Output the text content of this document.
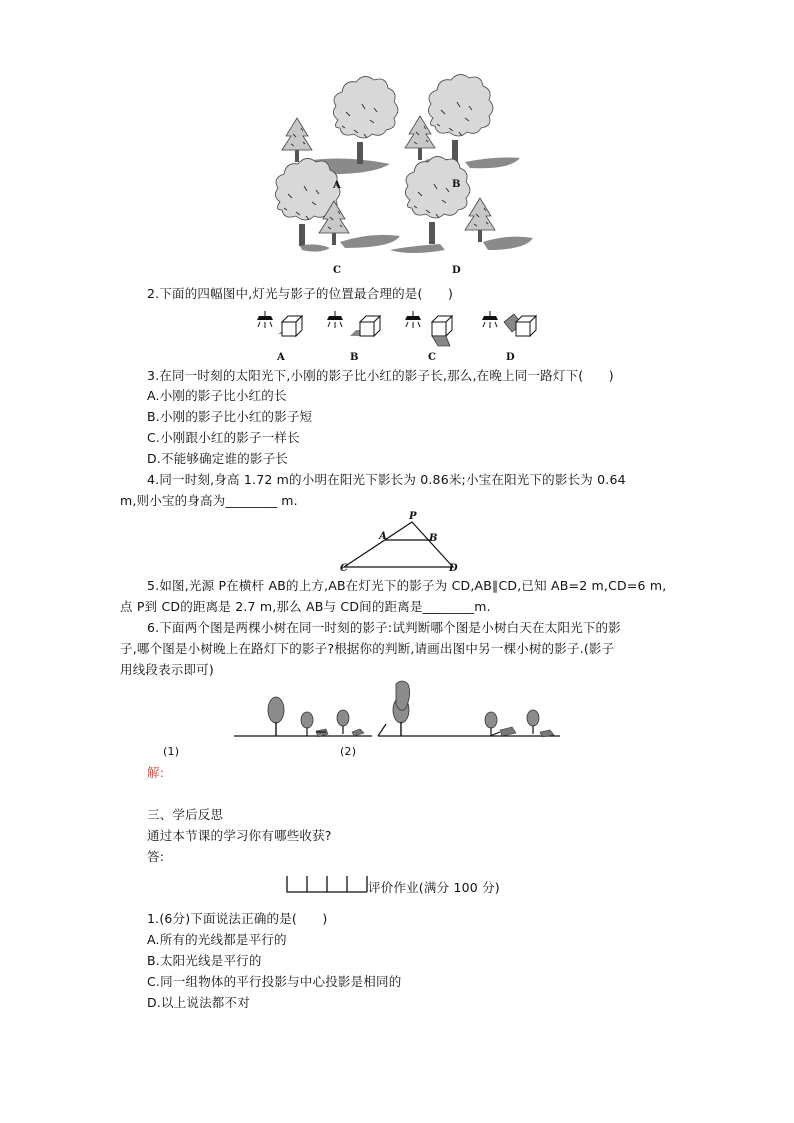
A	B
C	D
2.下面的四幅图中,灯光与影子的位置最合理的是(　　)
A	B	C	D
3.在同一时刻的太阳光下,小刚的影子比小红的影子长,那么,在晚上同一路灯下(　　)
A.小刚的影子比小红的长
B.小刚的影子比小红的影子短
C.小刚跟小红的影子一样长
D.不能够确定谁的影子长
4.同一时刻,身高 1.72 m的小明在阳光下影长为 0.86米;小宝在阳光下的影长为 0.64
m,则小宝的身高为________ m.
P
A	B
C	D
5.如图,光源 P在横杆 AB的上方,AB在灯光下的影子为 CD,AB∥CD,已知 AB=2 m,CD=6 m,
点 P到 CD的距离是 2.7 m,那么 AB与 CD间的距离是________m.
6.下面两个图是两棵小树在同一时刻的影子:试判断哪个图是小树白天在太阳光下的影
子,哪个图是小树晚上在路灯下的影子?根据你的判断,请画出图中另一棵小树的影子.(影子
用线段表示即可)
(1)	(2)
解:
三、学后反思
通过本节课的学习你有哪些收获?
答:
评价作业(满分 100 分)
1.(6分)下面说法正确的是(　　)
A.所有的光线都是平行的
B.太阳光线是平行的
C.同一组物体的平行投影与中心投影是相同的
D.以上说法都不对
